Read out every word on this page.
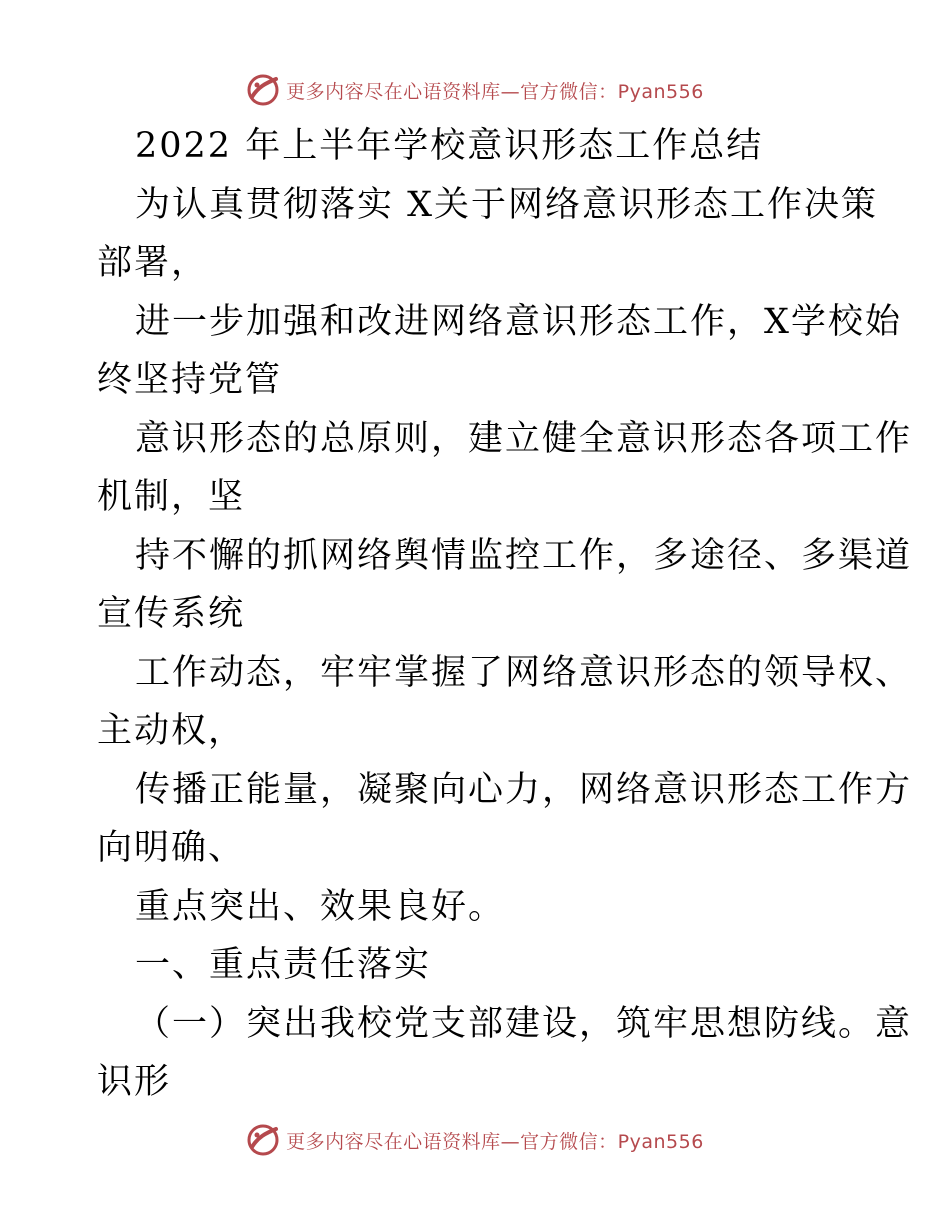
更多内容尽在心语资料库—官方微信：Pyan556

2022 年上半年学校意识形态工作总结

为认真贯彻落实 X关于网络意识形态工作决策

部署，

进一步加强和改进网络意识形态工作，X学校始

终坚持党管

意识形态的总原则，建立健全意识形态各项工作

机制，坚

持不懈的抓网络舆情监控工作，多途径、多渠道

宣传系统

工作动态，牢牢掌握了网络意识形态的领导权、

主动权，

传播正能量，凝聚向心力，网络意识形态工作方

向明确、

重点突出、效果良好。

一、重点责任落实

（一）突出我校党支部建设，筑牢思想防线。意

识形

更多内容尽在心语资料库—官方微信：Pyan556
